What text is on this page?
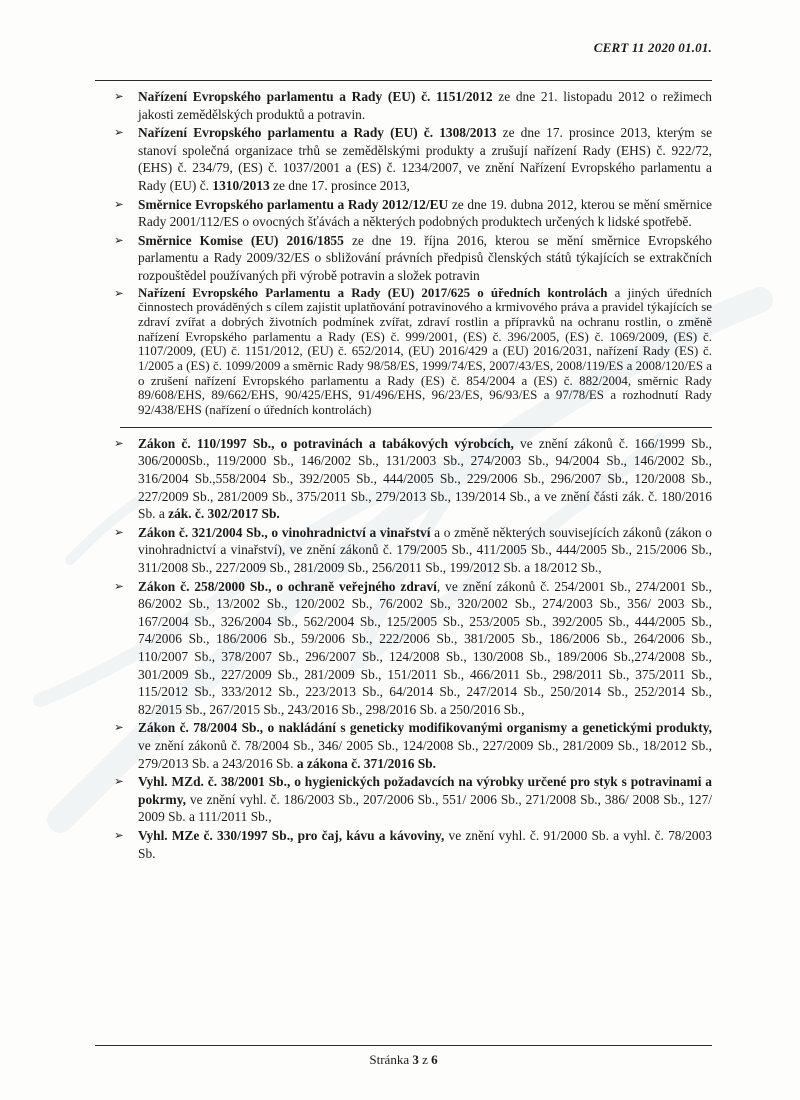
CERT 11 2020 01.01.
➢	Nařízení Evropského parlamentu a Rady (EU) č. 1151/2012 ze dne 21. listopadu 2012 o režimech jakosti zemědělských produktů a potravin.
➢	Nařízení Evropského parlamentu a Rady (EU) č. 1308/2013 ze dne 17. prosince 2013, kterým se stanoví společná organizace trhů se zemědělskými produkty a zrušují nařízení Rady (EHS) č. 922/72, (EHS) č. 234/79, (ES) č. 1037/2001 a (ES) č. 1234/2007, ve znění Nařízení Evropského parlamentu a Rady (EU) č. 1310/2013 ze dne 17. prosince 2013,
➢	Směrnice Evropského parlamentu a Rady 2012/12/EU ze dne 19. dubna 2012, kterou se mění směrnice Rady 2001/112/ES o ovocných šťávách a některých podobných produktech určených k lidské spotřebě.
➢	Směrnice Komise (EU) 2016/1855 ze dne 19. října 2016, kterou se mění směrnice Evropského parlamentu a Rady 2009/32/ES o sbližování právních předpisů členských států týkajících se extrakčních rozpouštědel používaných při výrobě potravin a složek potravin
➢	Nařízení Evropského Parlamentu a Rady (EU) 2017/625 o úředních kontrolách a jiných úředních činnostech prováděných s cílem zajistit uplatňování potravinového a krmivového práva a pravidel týkajících se zdraví zvířat a dobrých životních podmínek zvířat, zdraví rostlin a přípravků na ochranu rostlin, o změně nařízení Evropského parlamentu a Rady (ES) č. 999/2001, (ES) č. 396/2005, (ES) č. 1069/2009, (ES) č. 1107/2009, (EU) č. 1151/2012, (EU) č. 652/2014, (EU) 2016/429 a (EU) 2016/2031, nařízení Rady (ES) č. 1/2005 a (ES) č. 1099/2009 a směrnic Rady 98/58/ES, 1999/74/ES, 2007/43/ES, 2008/119/ES a 2008/120/ES a o zrušení nařízení Evropského parlamentu a Rady (ES) č. 854/2004 a (ES) č. 882/2004, směrnic Rady 89/608/EHS, 89/662/EHS, 90/425/EHS, 91/496/EHS, 96/23/ES, 96/93/ES a 97/78/ES a rozhodnutí Rady 92/438/EHS (nařízení o úředních kontrolách)
➢	Zákon č. 110/1997 Sb., o potravinách a tabákových výrobcích, ve znění zákonů č. 166/1999 Sb., 306/2000Sb., 119/2000 Sb., 146/2002 Sb., 131/2003 Sb., 274/2003 Sb., 94/2004 Sb., 146/2002 Sb., 316/2004 Sb.,558/2004 Sb., 392/2005 Sb., 444/2005 Sb., 229/2006 Sb., 296/2007 Sb., 120/2008 Sb., 227/2009 Sb., 281/2009 Sb., 375/2011 Sb., 279/2013 Sb., 139/2014 Sb., a ve znění části zák. č. 180/2016 Sb. a zák. č. 302/2017 Sb.
➢	Zákon č. 321/2004 Sb., o vinohradnictví a vinařství a o změně některých souvisejících zákonů (zákon o vinohradnictví a vinařství), ve znění zákonů č. 179/2005 Sb., 411/2005 Sb., 444/2005 Sb., 215/2006 Sb., 311/2008 Sb., 227/2009 Sb., 281/2009 Sb., 256/2011 Sb., 199/2012 Sb. a 18/2012 Sb.,
➢	Zákon č. 258/2000 Sb., o ochraně veřejného zdraví, ve znění zákonů č. 254/2001 Sb., 274/2001 Sb., 86/2002 Sb., 13/2002 Sb., 120/2002 Sb., 76/2002 Sb., 320/2002 Sb., 274/2003 Sb., 356/ 2003 Sb., 167/2004 Sb., 326/2004 Sb., 562/2004 Sb., 125/2005 Sb., 253/2005 Sb., 392/2005 Sb., 444/2005 Sb., 74/2006 Sb., 186/2006 Sb., 59/2006 Sb., 222/2006 Sb., 381/2005 Sb., 186/2006 Sb., 264/2006 Sb., 110/2007 Sb., 378/2007 Sb., 296/2007 Sb., 124/2008 Sb., 130/2008 Sb., 189/2006 Sb.,274/2008 Sb., 301/2009 Sb., 227/2009 Sb., 281/2009 Sb., 151/2011 Sb., 466/2011 Sb., 298/2011 Sb., 375/2011 Sb., 115/2012 Sb., 333/2012 Sb., 223/2013 Sb., 64/2014 Sb., 247/2014 Sb., 250/2014 Sb., 252/2014 Sb., 82/2015 Sb., 267/2015 Sb., 243/2016 Sb., 298/2016 Sb. a 250/2016 Sb.,
➢	Zákon č. 78/2004 Sb., o nakládání s geneticky modifikovanými organismy a genetickými produkty, ve znění zákonů č. 78/2004 Sb., 346/ 2005 Sb., 124/2008 Sb., 227/2009 Sb., 281/2009 Sb., 18/2012 Sb., 279/2013 Sb. a 243/2016 Sb. a zákona č. 371/2016 Sb.
➢	Vyhl. MZd. č. 38/2001 Sb., o hygienických požadavcích na výrobky určené pro styk s potravinami a pokrmy, ve znění vyhl. č. 186/2003 Sb., 207/2006 Sb., 551/ 2006 Sb., 271/2008 Sb., 386/ 2008 Sb., 127/ 2009 Sb. a 111/2011 Sb.,
➢	Vyhl. MZe č. 330/1997 Sb., pro čaj, kávu a kávoviny, ve znění vyhl. č. 91/2000 Sb. a vyhl. č. 78/2003 Sb.
Stránka 3 z 6
